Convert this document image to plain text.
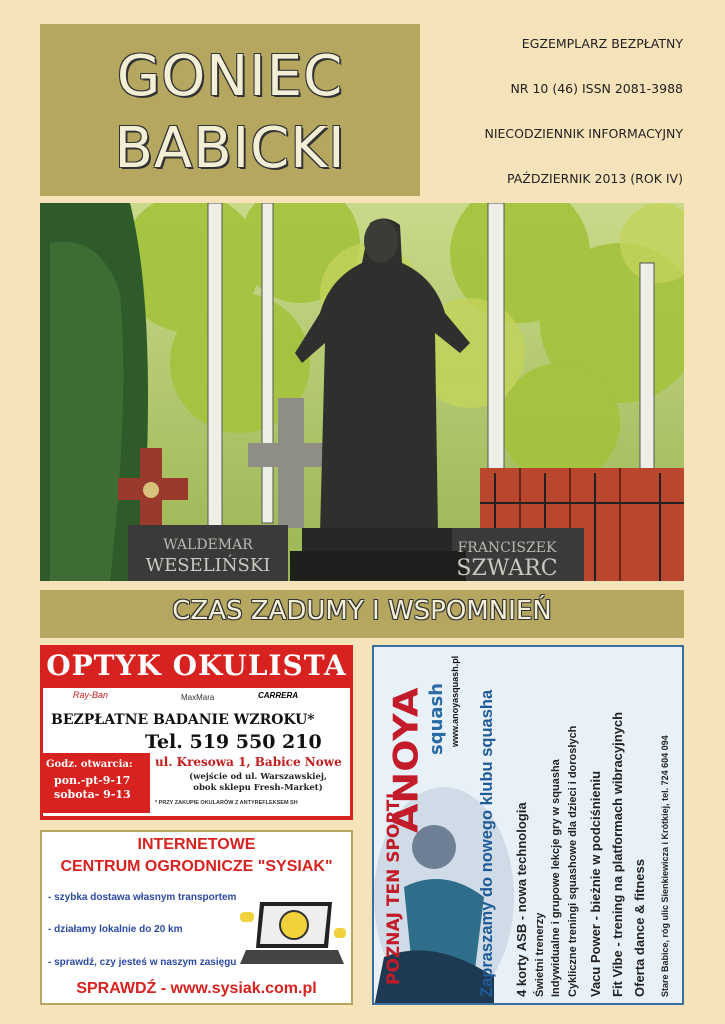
GONIEC
BABICKI
EGZEMPLARZ BEZPŁATNY
NR 10 (46) ISSN 2081-3988
NIECODZIENNIK INFORMACYJNY
PAŹDZIERNIK 2013 (ROK IV)
WALDEMAR
WESELIŃSKI
FRANCISZEK
SZWARC
CZAS ZADUMY I WSPOMNIEŃ
OPTYK OKULISTA
Ray-Ban	MaxMara	CARRERA
BEZPŁATNE BADANIE WZROKU*
Tel. 519 550 210
Godz. otwarcia:
pon.-pt-9-17
sobota- 9-13
ul. Kresowa 1, Babice Nowe
(wejście od ul. Warszawskiej,
obok sklepu Fresh-Market)
* PRZY ZAKUPIE OKULARÓW Z ANTYREFLEKSEM SH
INTERNETOWE
CENTRUM OGRODNICZE "SYSIAK"
- szybka dostawa własnym transportem
- działamy lokalnie do 20 km
- sprawdź, czy jesteś w naszym zasięgu
SPRAWDŹ - www.sysiak.com.pl
ANOYA squash www.anoyasquash.pl
POZNAJ TEN SPORT!	Zapraszamy do nowego klubu squasha 4 korty ASB - nowa technologia Świetni trenerzy Indywidualne i grupowe lekcje gry w squasha Cykliczne treningi squashowe dla dzieci i dorosłych Vacu Power - bieżnie w podciśnieniu Fit Vibe - trening na platformach wibracyjnych Oferta dance & fitness Stare Babice, róg ulic Sienkiewicza i Krótkiej, tel. 724 604 094
